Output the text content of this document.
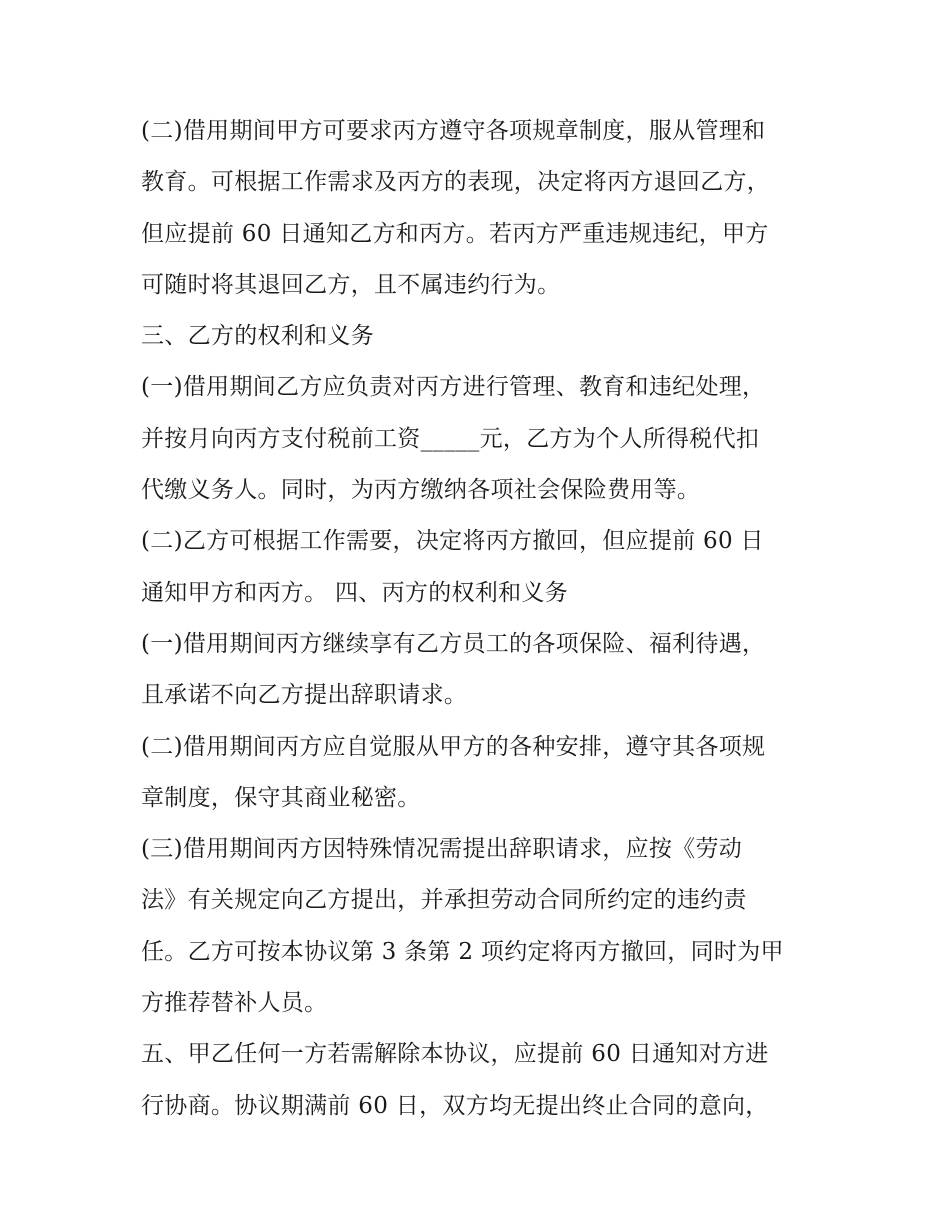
(二)借用期间甲方可要求丙方遵守各项规章制度，服从管理和
教育。可根据工作需求及丙方的表现，决定将丙方退回乙方，
但应提前 60 日通知乙方和丙方。若丙方严重违规违纪，甲方
可随时将其退回乙方，且不属违约行为。
三、乙方的权利和义务
(一)借用期间乙方应负责对丙方进行管理、教育和违纪处理，
并按月向丙方支付税前工资_____元，乙方为个人所得税代扣
代缴义务人。同时，为丙方缴纳各项社会保险费用等。
(二)乙方可根据工作需要，决定将丙方撤回，但应提前 60 日
通知甲方和丙方。 四、丙方的权利和义务
(一)借用期间丙方继续享有乙方员工的各项保险、福利待遇，
且承诺不向乙方提出辞职请求。
(二)借用期间丙方应自觉服从甲方的各种安排，遵守其各项规
章制度，保守其商业秘密。
(三)借用期间丙方因特殊情况需提出辞职请求，应按《劳动
法》有关规定向乙方提出，并承担劳动合同所约定的违约责
任。乙方可按本协议第 3 条第 2 项约定将丙方撤回，同时为甲
方推荐替补人员。
五、甲乙任何一方若需解除本协议，应提前 60 日通知对方进
行协商。协议期满前 60 日，双方均无提出终止合同的意向，
